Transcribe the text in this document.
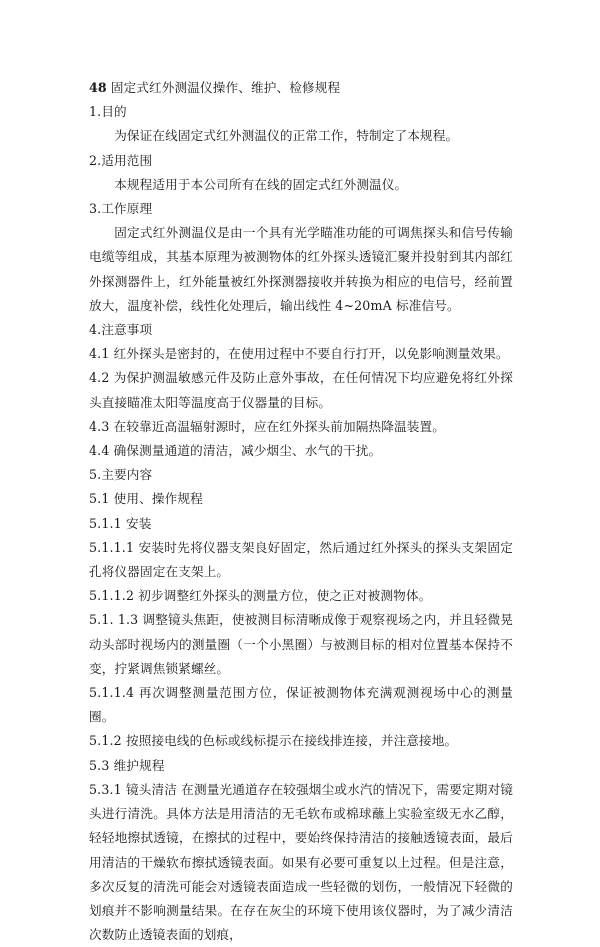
48 固定式红外测温仪操作、维护、检修规程

1.目的

为保证在线固定式红外测温仪的正常工作，特制定了本规程。

2.适用范围

本规程适用于本公司所有在线的固定式红外测温仪。

3.工作原理

固定式红外测温仪是由一个具有光学瞄准功能的可调焦探头和信号传输电缆等组成，其基本原理为被测物体的红外探头透镜汇聚并投射到其内部红外探测器件上，红外能量被红外探测器接收并转换为相应的电信号，经前置放大，温度补偿，线性化处理后，输出线性 4~20mA 标准信号。

4.注意事项

4.1 红外探头是密封的，在使用过程中不要自行打开，以免影响测量效果。

4.2 为保护测温敏感元件及防止意外事故，在任何情况下均应避免将红外探头直接瞄准太阳等温度高于仪器量的目标。

4.3 在较靠近高温辐射源时，应在红外探头前加隔热降温装置。

4.4 确保测量通道的清洁，减少烟尘、水气的干扰。

5.主要内容

5.1 使用、操作规程

5.1.1 安装

5.1.1.1 安装时先将仪器支架良好固定，然后通过红外探头的探头支架固定孔将仪器固定在支架上。

5.1.1.2 初步调整红外探头的测量方位，使之正对被测物体。

5.1. 1.3 调整镜头焦距，使被测目标清晰成像于观察视场之内，并且轻微晃动头部时视场内的测量圈（一个小黑圈）与被测目标的相对位置基本保持不变，拧紧调焦锁紧螺丝。

5.1.1.4 再次调整测量范围方位，保证被测物体充满观测视场中心的测量圈。

5.1.2 按照接电线的色标或线标提示在接线排连接，并注意接地。

5.3 维护规程

5.3.1 镜头清洁 在测量光通道存在较强烟尘或水汽的情况下，需要定期对镜头进行清洗。具体方法是用清洁的无毛软布或棉球蘸上实验室级无水乙醇，轻轻地擦拭透镜，在擦拭的过程中，要始终保持清洁的接触透镜表面，最后用清洁的干燥软布擦拭透镜表面。如果有必要可重复以上过程。但是注意，多次反复的清洗可能会对透镜表面造成一些轻微的划伤，一般情况下轻微的划痕并不影响测量结果。在存在灰尘的环境下使用该仪器时，为了减少清洁次数防止透镜表面的划痕，
